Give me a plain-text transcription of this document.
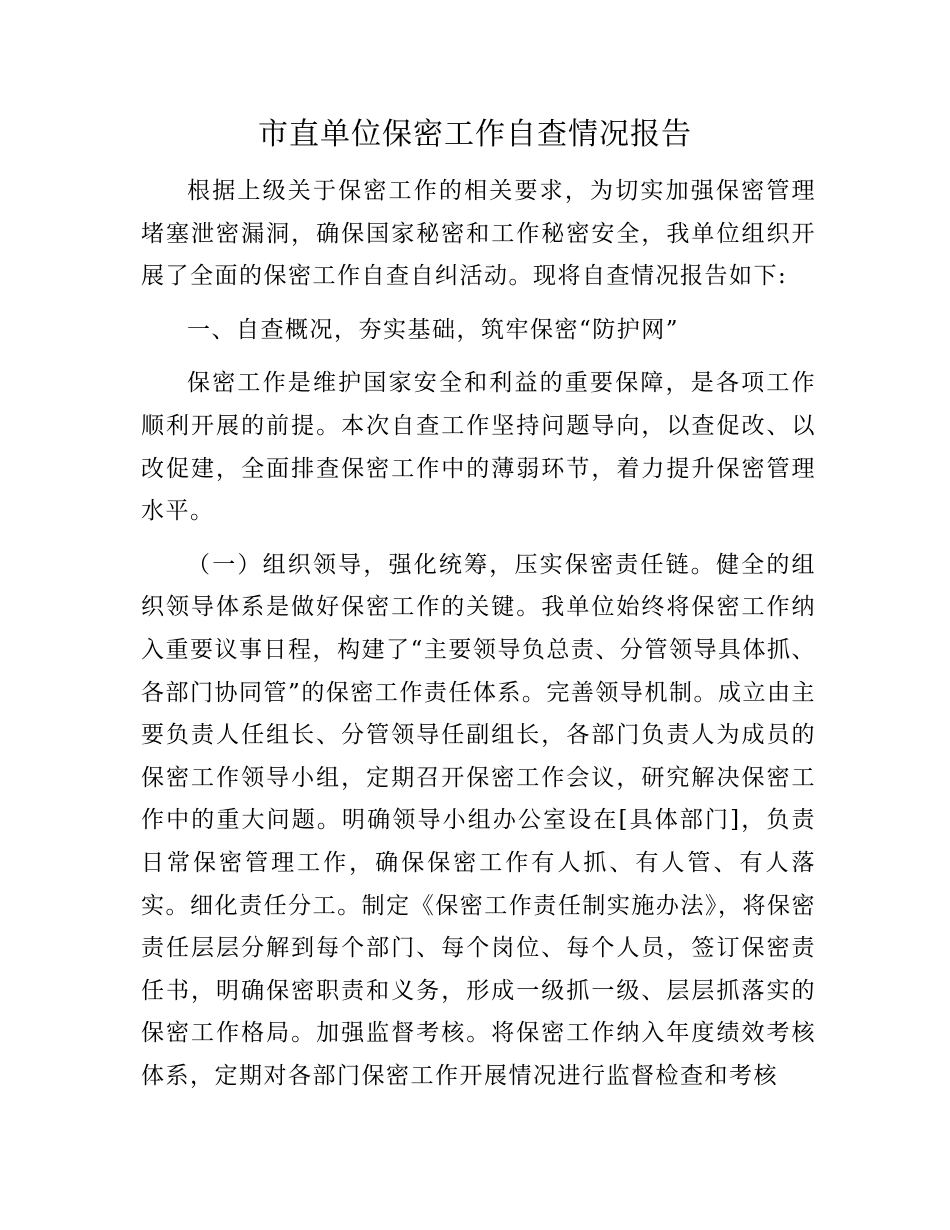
市直单位保密工作自查情况报告

根据上级关于保密工作的相关要求，为切实加强保密管理堵塞泄密漏洞，确保国家秘密和工作秘密安全，我单位组织开展了全面的保密工作自查自纠活动。现将自查情况报告如下:

一、自查概况，夯实基础，筑牢保密“防护网”

保密工作是维护国家安全和利益的重要保障，是各项工作顺利开展的前提。本次自查工作坚持问题导向，以查促改、以改促建，全面排查保密工作中的薄弱环节，着力提升保密管理水平。

（一）组织领导，强化统筹，压实保密责任链。健全的组织领导体系是做好保密工作的关键。我单位始终将保密工作纳入重要议事日程，构建了“主要领导负总责、分管领导具体抓、各部门协同管”的保密工作责任体系。完善领导机制。成立由主要负责人任组长、分管领导任副组长，各部门负责人为成员的保密工作领导小组，定期召开保密工作会议，研究解决保密工作中的重大问题。明确领导小组办公室设在[具体部门]，负责日常保密管理工作，确保保密工作有人抓、有人管、有人落实。细化责任分工。制定《保密工作责任制实施办法》，将保密责任层层分解到每个部门、每个岗位、每个人员，签订保密责任书，明确保密职责和义务，形成一级抓一级、层层抓落实的保密工作格局。加强监督考核。将保密工作纳入年度绩效考核体系，定期对各部门保密工作开展情况进行监督检查和考核
